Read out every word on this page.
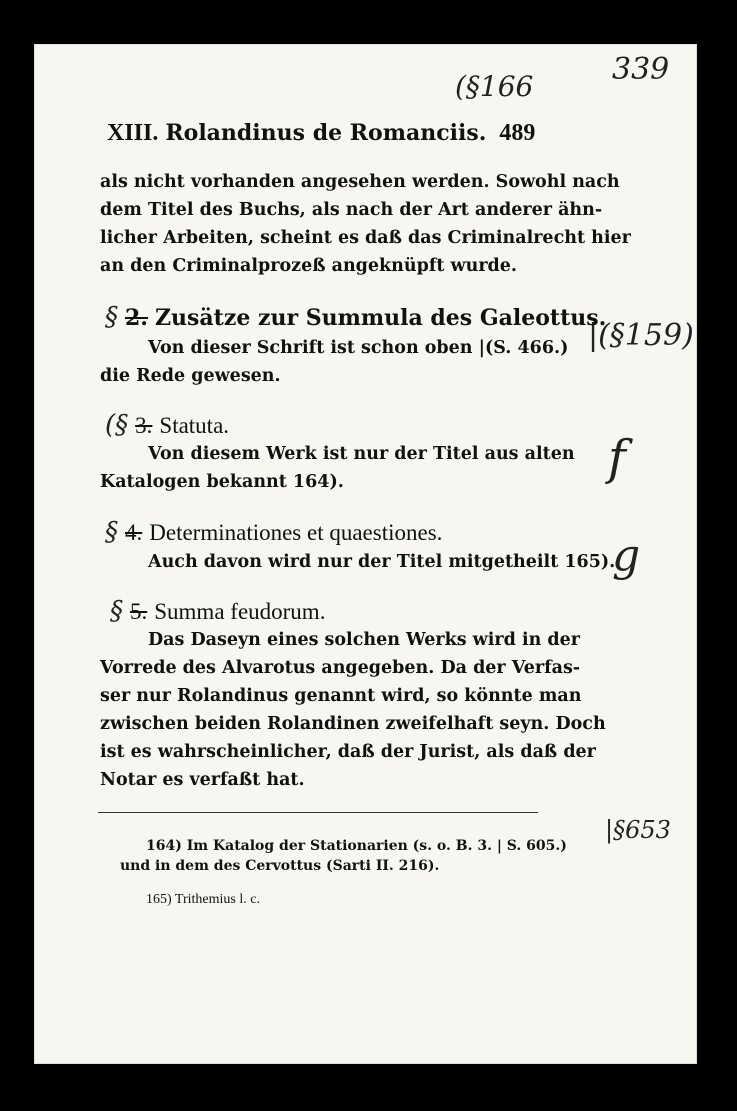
339
(§166
|(§159)
f
g
|§653
XIII. Rolandinus de Romanciis. 489
als nicht vorhanden angesehen werden. Sowohl nach
dem Titel des Buchs, als nach der Art anderer ähn-
licher Arbeiten, scheint es daß das Criminalrecht hier
an den Criminalprozeß angeknüpft wurde.
§ 2. Zusätze zur Summula des Galeottus.
Von dieser Schrift ist schon oben |(S. 466.)
die Rede gewesen.
(§ 3. Statuta.
Von diesem Werk ist nur der Titel aus alten
Katalogen bekannt 164).
§ 4. Determinationes et quaestiones.
Auch davon wird nur der Titel mitgetheilt 165).
§ 5. Summa feudorum.
Das Daseyn eines solchen Werks wird in der
Vorrede des Alvarotus angegeben. Da der Verfas-
ser nur Rolandinus genannt wird, so könnte man
zwischen beiden Rolandinen zweifelhaft seyn. Doch
ist es wahrscheinlicher, daß der Jurist, als daß der
Notar es verfaßt hat.
164) Im Katalog der Stationarien (s. o. B. 3. | S. 605.)
und in dem des Cervottus (Sarti II. 216).
165) Trithemius l. c.
